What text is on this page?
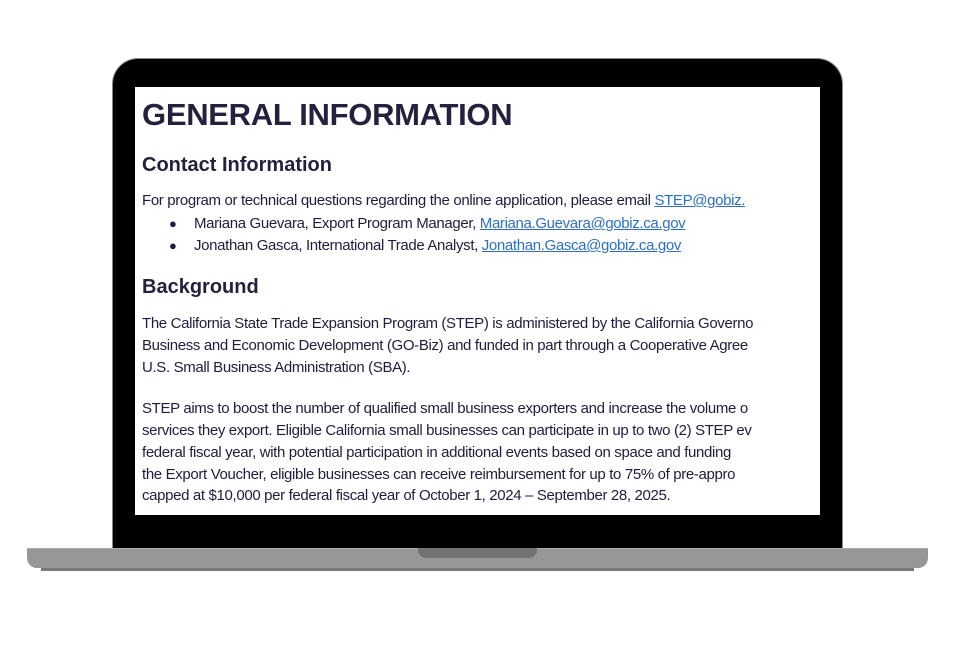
GENERAL INFORMATION
Contact Information
For program or technical questions regarding the online application, please email STEP@gobiz.
● Mariana Guevara, Export Program Manager, Mariana.Guevara@gobiz.ca.gov
● Jonathan Gasca, International Trade Analyst, Jonathan.Gasca@gobiz.ca.gov
Background
The California State Trade Expansion Program (STEP) is administered by the California Governo
Business and Economic Development (GO-Biz) and funded in part through a Cooperative Agree
U.S. Small Business Administration (SBA).
STEP aims to boost the number of qualified small business exporters and increase the volume o
services they export. Eligible California small businesses can participate in up to two (2) STEP ev
federal fiscal year, with potential participation in additional events based on space and funding
the Export Voucher, eligible businesses can receive reimbursement for up to 75% of pre-appro
capped at $10,000 per federal fiscal year of October 1, 2024 – September 28, 2025.
